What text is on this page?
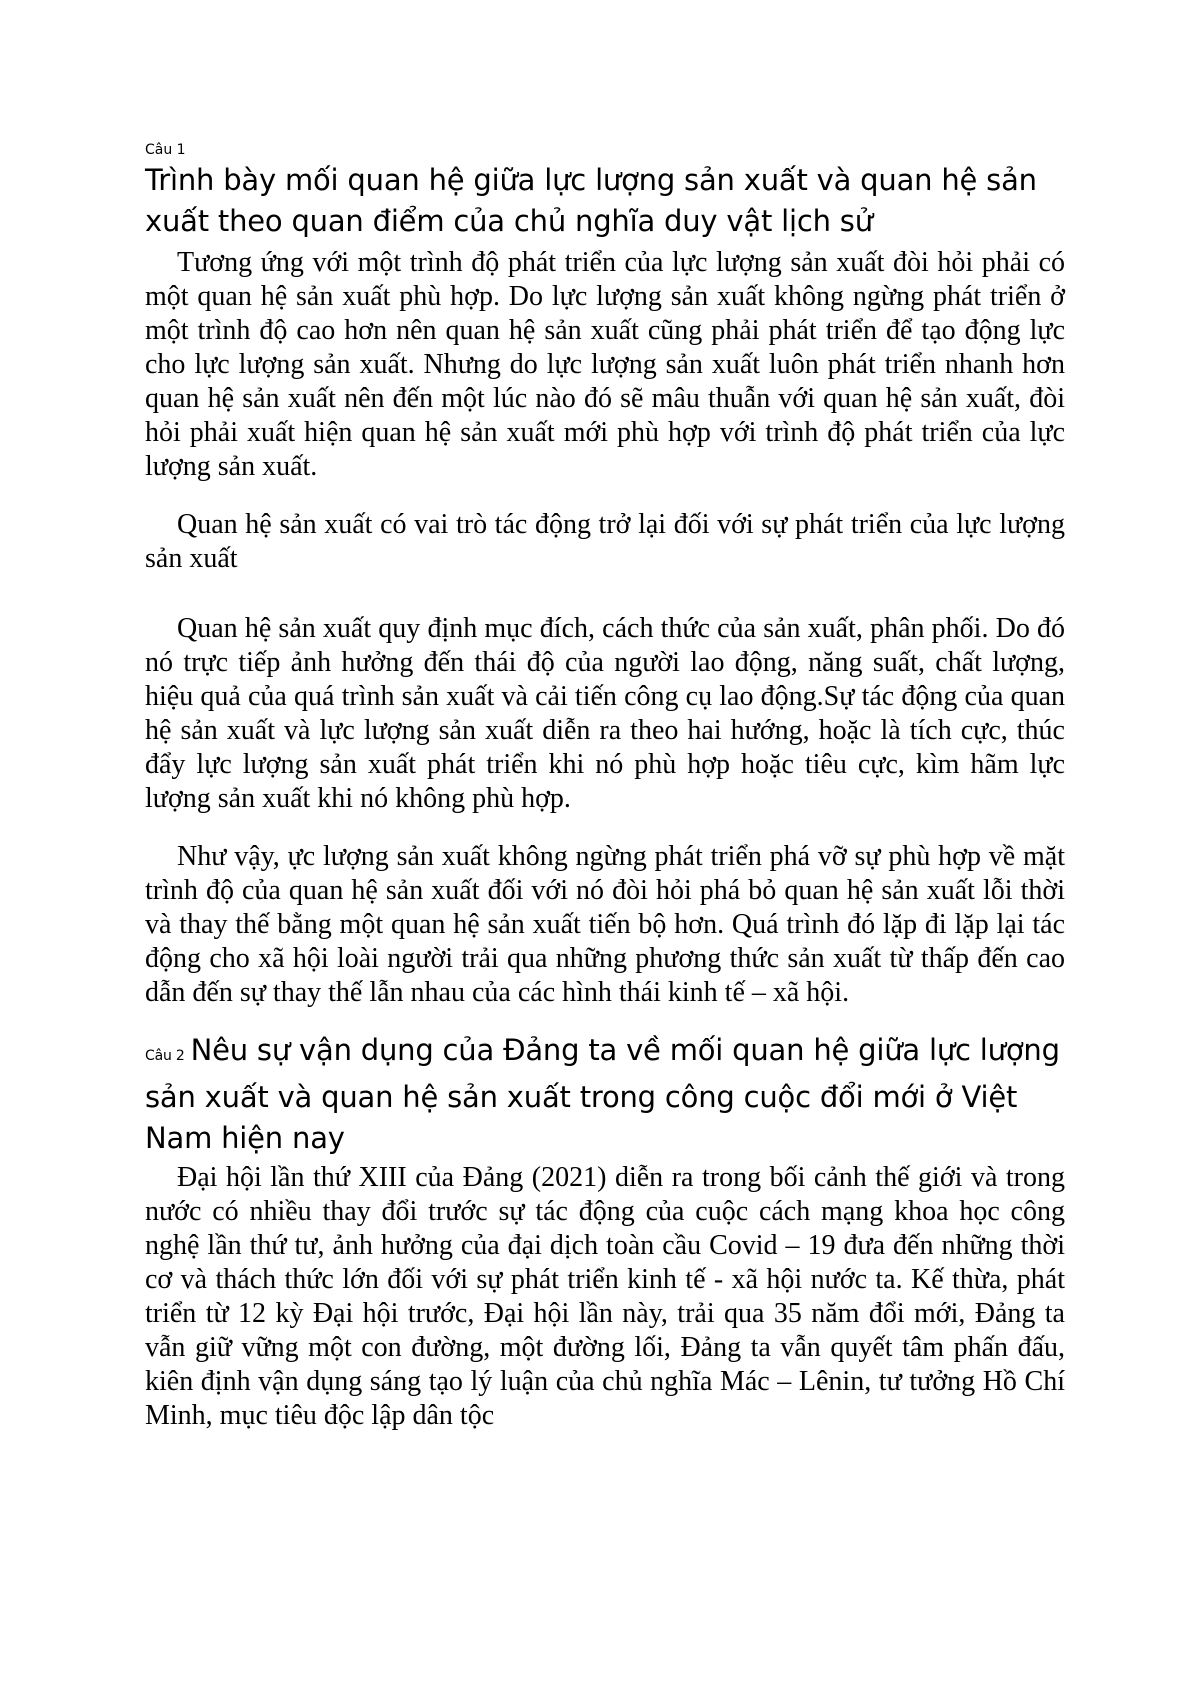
Câu 1
Trình bày mối quan hệ giữa lực lượng sản xuất và quan hệ sản xuất theo quan điểm của chủ nghĩa duy vật lịch sử

Tương ứng với một trình độ phát triển của lực lượng sản xuất đòi hỏi phải có một quan hệ sản xuất phù hợp. Do lực lượng sản xuất không ngừng phát triển ở một trình độ cao hơn nên quan hệ sản xuất cũng phải phát triển để tạo động lực cho lực lượng sản xuất. Nhưng do lực lượng sản xuất luôn phát triển nhanh hơn quan hệ sản xuất nên đến một lúc nào đó sẽ mâu thuẫn với quan hệ sản xuất, đòi hỏi phải xuất hiện quan hệ sản xuất mới phù hợp với trình độ phát triển của lực lượng sản xuất.

Quan hệ sản xuất có vai trò tác động trở lại đối với sự phát triển của lực lượng sản xuất

Quan hệ sản xuất quy định mục đích, cách thức của sản xuất, phân phối. Do đó nó trực tiếp ảnh hưởng đến thái độ của người lao động, năng suất, chất lượng, hiệu quả của quá trình sản xuất và cải tiến công cụ lao động.Sự tác động của quan hệ sản xuất và lực lượng sản xuất diễn ra theo hai hướng, hoặc là tích cực, thúc đẩy lực lượng sản xuất phát triển khi nó phù hợp hoặc tiêu cực, kìm hãm lực lượng sản xuất khi nó không phù hợp.

Như vậy, ực lượng sản xuất không ngừng phát triển phá vỡ sự phù hợp về mặt trình độ của quan hệ sản xuất đối với nó đòi hỏi phá bỏ quan hệ sản xuất lỗi thời và thay thế bằng một quan hệ sản xuất tiến bộ hơn. Quá trình đó lặp đi lặp lại tác động cho xã hội loài người trải qua những phương thức sản xuất từ thấp đến cao dẫn đến sự thay thế lẫn nhau của các hình thái kinh tế – xã hội.

Câu 2 Nêu sự vận dụng của Đảng ta về mối quan hệ giữa lực lượng sản xuất và quan hệ sản xuất trong công cuộc đổi mới ở Việt Nam hiện nay

Đại hội lần thứ XIII của Đảng (2021) diễn ra trong bối cảnh thế giới và trong nước có nhiều thay đổi trước sự tác động của cuộc cách mạng khoa học công nghệ lần thứ tư, ảnh hưởng của đại dịch toàn cầu Covid – 19 đưa đến những thời cơ và thách thức lớn đối với sự phát triển kinh tế - xã hội nước ta. Kế thừa, phát triển từ 12 kỳ Đại hội trước, Đại hội lần này, trải qua 35 năm đổi mới, Đảng ta vẫn giữ vững một con đường, một đường lối, Đảng ta vẫn quyết tâm phấn đấu, kiên định vận dụng sáng tạo lý luận của chủ nghĩa Mác – Lênin, tư tưởng Hồ Chí Minh, mục tiêu độc lập dân tộc
